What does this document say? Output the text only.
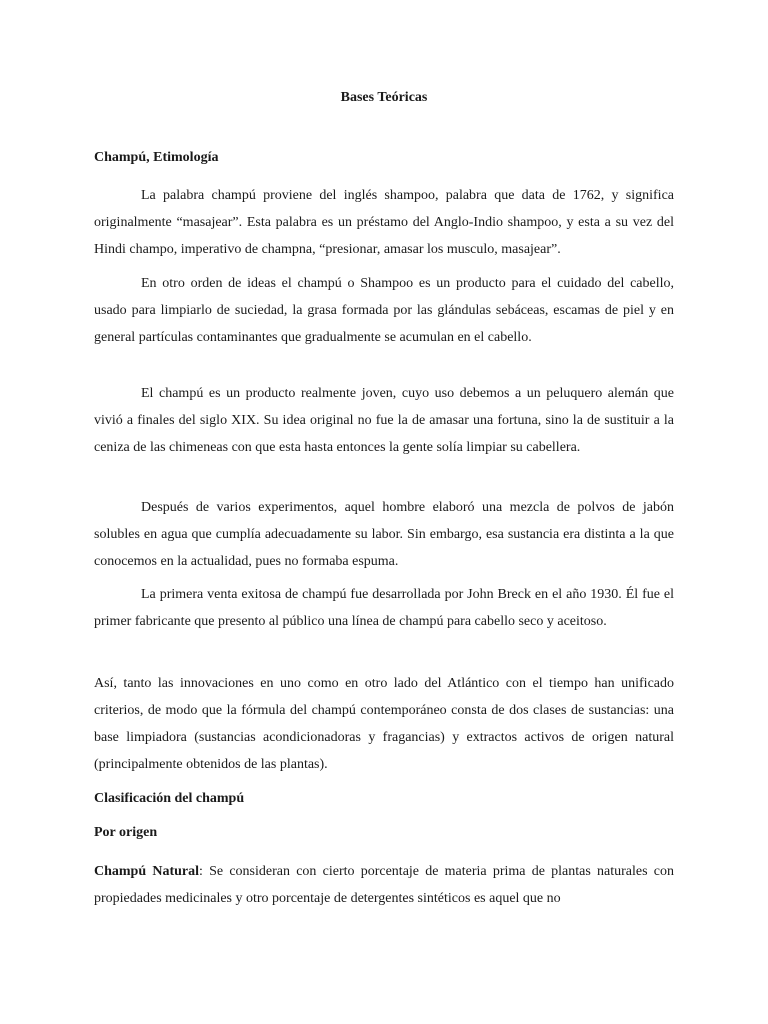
Bases Teóricas
Champú, Etimología

La palabra champú proviene del inglés shampoo, palabra que data de 1762, y significa originalmente “masajear”. Esta palabra es un préstamo del Anglo-Indio shampoo, y esta a su vez del Hindi champo, imperativo de champna, “presionar, amasar los musculo, masajear”.

En otro orden de ideas el champú o Shampoo es un producto para el cuidado del cabello, usado para limpiarlo de suciedad, la grasa formada por las glándulas sebáceas, escamas de piel y en general partículas contaminantes que gradualmente se acumulan en el cabello.

El champú es un producto realmente joven, cuyo uso debemos a un peluquero alemán que vivió a finales del siglo XIX. Su idea original no fue la de amasar una fortuna, sino la de sustituir a la ceniza de las chimeneas con que esta hasta entonces la gente solía limpiar su cabellera.

Después de varios experimentos, aquel hombre elaboró una mezcla de polvos de jabón solubles en agua que cumplía adecuadamente su labor. Sin embargo, esa sustancia era distinta a la que conocemos en la actualidad, pues no formaba espuma.

La primera venta exitosa de champú fue desarrollada por John Breck en el año 1930. Él fue el primer fabricante que presento al público una línea de champú para cabello seco y aceitoso.

Así, tanto las innovaciones en uno como en otro lado del Atlántico con el tiempo han unificado criterios, de modo que la fórmula del champú contemporáneo consta de dos clases de sustancias: una base limpiadora (sustancias acondicionadoras y fragancias) y extractos activos de origen natural (principalmente obtenidos de las plantas).

Clasificación del champú
Por origen

Champú Natural: Se consideran con cierto porcentaje de materia prima de plantas naturales con propiedades medicinales y otro porcentaje de detergentes sintéticos es aquel que no
